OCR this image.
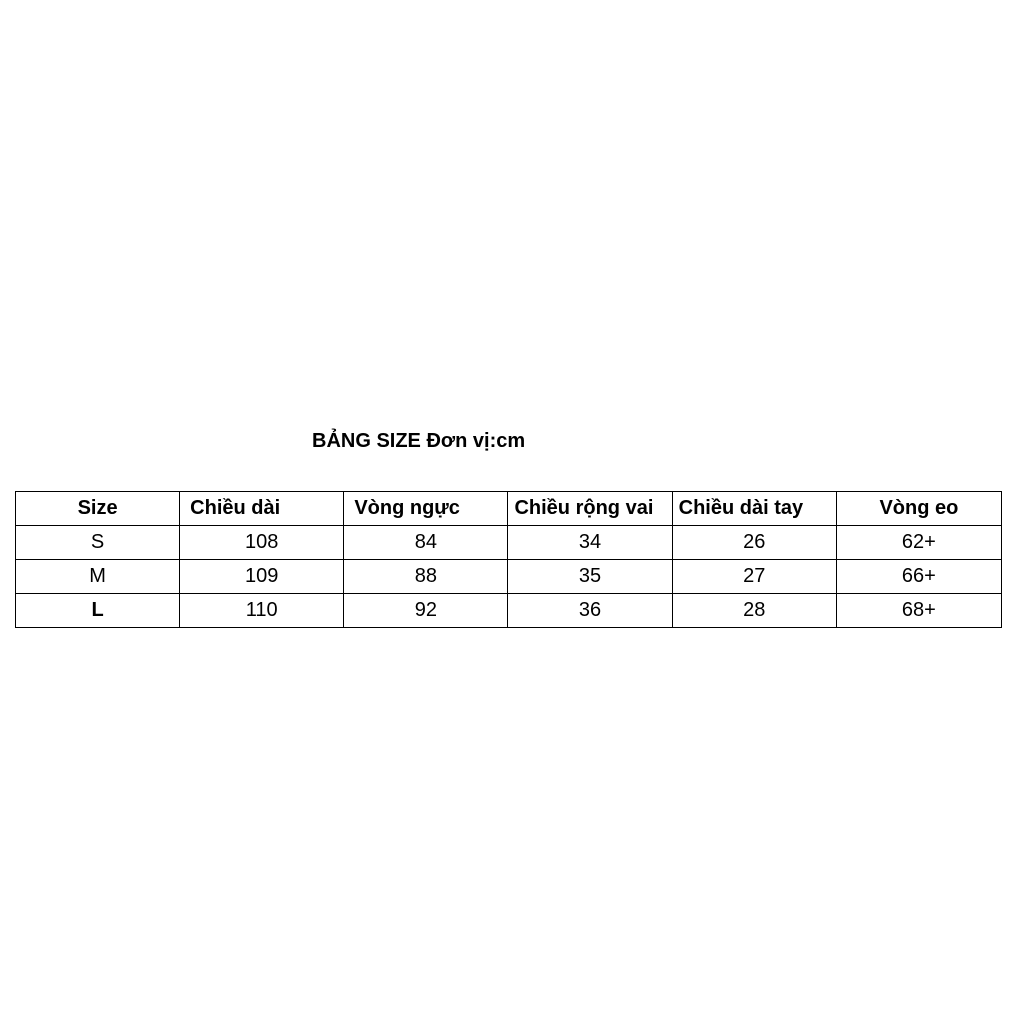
BẢNG SIZE Đơn vị:cm
Size	Chiều dài	Vòng ngực	Chiều rộng vai	Chiều dài tay	Vòng eo
S	108	84	34	26	62+
M	109	88	35	27	66+
L	110	92	36	28	68+
